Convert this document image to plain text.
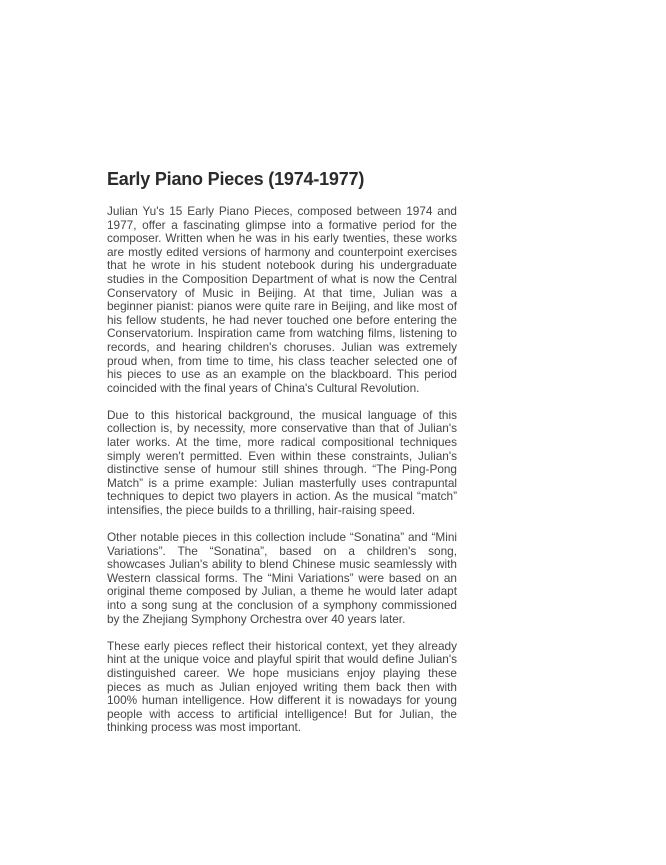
Early Piano Pieces (1974-1977)

Julian Yu's 15 Early Piano Pieces, composed between 1974 and 1977, offer a fascinating glimpse into a formative period for the composer. Written when he was in his early twenties, these works are mostly edited versions of harmony and counterpoint exercises that he wrote in his student notebook during his undergraduate studies in the Composition Department of what is now the Central Conservatory of Music in Beijing. At that time, Julian was a beginner pianist: pianos were quite rare in Beijing, and like most of his fellow students, he had never touched one before entering the Conservatorium. Inspiration came from watching films, listening to records, and hearing children's choruses. Julian was extremely proud when, from time to time, his class teacher selected one of his pieces to use as an example on the blackboard. This period coincided with the final years of China's Cultural Revolution.

Due to this historical background, the musical language of this collection is, by necessity, more conservative than that of Julian's later works. At the time, more radical compositional techniques simply weren't permitted. Even within these constraints, Julian's distinctive sense of humour still shines through. “The Ping-Pong Match” is a prime example: Julian masterfully uses contrapuntal techniques to depict two players in action. As the musical “match” intensifies, the piece builds to a thrilling, hair-raising speed.

Other notable pieces in this collection include “Sonatina” and “Mini Variations”. The “Sonatina”, based on a children's song, showcases Julian's ability to blend Chinese music seamlessly with Western classical forms. The “Mini Variations” were based on an original theme composed by Julian, a theme he would later adapt into a song sung at the conclusion of a symphony commissioned by the Zhejiang Symphony Orchestra over 40 years later.

These early pieces reflect their historical context, yet they already hint at the unique voice and playful spirit that would define Julian's distinguished career. We hope musicians enjoy playing these pieces as much as Julian enjoyed writing them back then with 100% human intelligence. How different it is nowadays for young people with access to artificial intelligence! But for Julian, the thinking process was most important.
